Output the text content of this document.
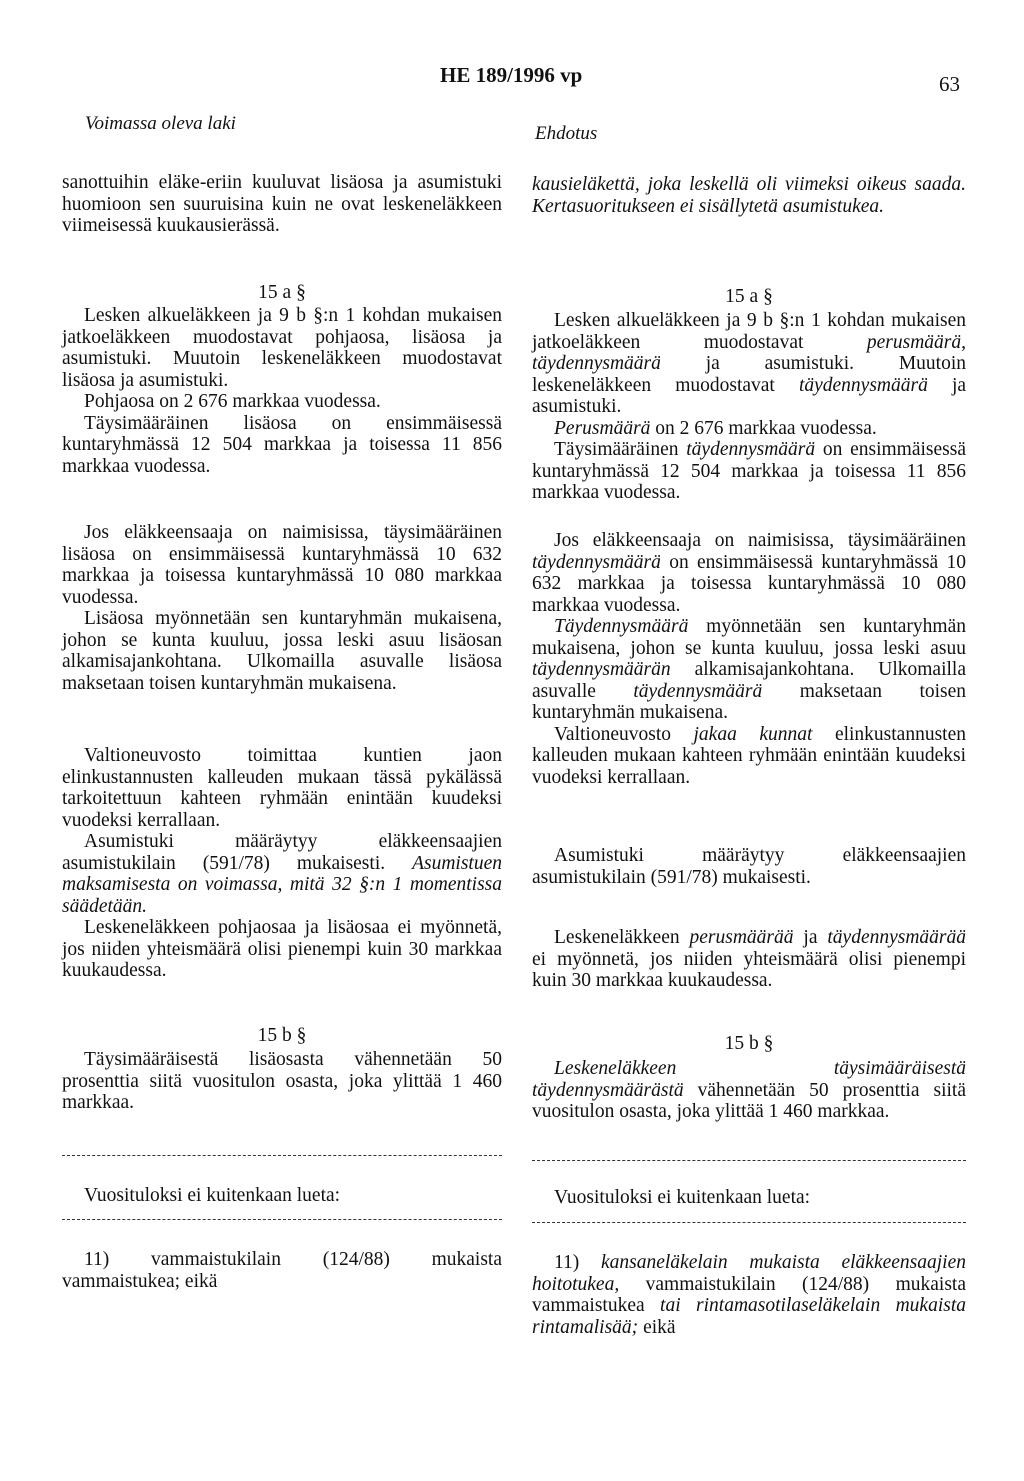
HE 189/1996 vp	63
Voimassa oleva laki	Ehdotus

sanottuihin eläke-eriin kuuluvat lisäosa ja asumistuki huomioon sen suuruisina kuin ne ovat leskeneläkkeen viimeisessä kuukausierässä.

15 a §

Lesken alkueläkkeen ja 9 b §:n 1 kohdan mukaisen jatkoeläkkeen muodostavat pohjaosa, lisäosa ja asumistuki. Muutoin leskeneläkkeen muodostavat lisäosa ja asumistuki.

Pohjaosa on 2 676 markkaa vuodessa.

Täysimääräinen lisäosa on ensimmäisessä kuntaryhmässä 12 504 markkaa ja toisessa 11 856 markkaa vuodessa.

Jos eläkkeensaaja on naimisissa, täysimääräinen lisäosa on ensimmäisessä kuntaryhmässä 10 632 markkaa ja toisessa kuntaryhmässä 10 080 markkaa vuodessa.

Lisäosa myönnetään sen kuntaryhmän mukaisena, johon se kunta kuuluu, jossa leski asuu lisäosan alkamisajankohtana. Ulkomailla asuvalle lisäosa maksetaan toisen kuntaryhmän mukaisena.

Valtioneuvosto toimittaa kuntien jaon elinkustannusten kalleuden mukaan tässä pykälässä tarkoitettuun kahteen ryhmään enintään kuudeksi vuodeksi kerrallaan.

Asumistuki määräytyy eläkkeensaajien asumistukilain (591/78) mukaisesti. Asumistuen maksamisesta on voimassa, mitä 32 §:n 1 momentissa säädetään.

Leskeneläkkeen pohjaosaa ja lisäosaa ei myönnetä, jos niiden yhteismäärä olisi pienempi kuin 30 markkaa kuukaudessa.

15 b §

Täysimääräisestä lisäosasta vähennetään 50 prosenttia siitä vuositulon osasta, joka ylittää 1 460 markkaa.

Vuosituloksi ei kuitenkaan lueta:

11) vammaistukilain (124/88) mukaista vammaistukea; eikä

kausieläkettä, joka leskellä oli viimeksi oikeus saada. Kertasuoritukseen ei sisällytetä asumistukea.

15 a §

Lesken alkueläkkeen ja 9 b §:n 1 kohdan mukaisen jatkoeläkkeen muodostavat	perusmäärä, täydennysmäärä ja asumistuki. Muutoin leskeneläkkeen muodostavat täydennysmäärä ja asumistuki.

Perusmäärä on 2 676 markkaa vuodessa.

Täysimääräinen täydennysmäärä on ensimmäisessä kuntaryhmässä 12 504 markkaa ja toisessa 11 856 markkaa vuodessa.

Jos eläkkeensaaja on naimisissa, täysimääräinen täydennysmäärä on ensimmäisessä kuntaryhmässä 10 632 markkaa ja toisessa kuntaryhmässä 10 080 markkaa vuodessa.

Täydennysmäärä myönnetään sen kuntaryhmän mukaisena, johon se kunta kuuluu, jossa leski asuu täydennysmäärän alkamisajankohtana. Ulkomailla asuvalle täydennysmäärä maksetaan toisen kuntaryhmän mukaisena.

Valtioneuvosto jakaa kunnat elinkustannusten kalleuden mukaan kahteen ryhmään enintään kuudeksi vuodeksi kerrallaan.

Asumistuki määräytyy eläkkeensaajien asumistukilain (591/78) mukaisesti.

Leskeneläkkeen perusmäärää ja täydennysmäärää ei myönnetä, jos niiden yhteismäärä olisi pienempi kuin 30 markkaa kuukaudessa.

15 b §

Leskeneläkkeen täysimääräisestä täydennysmäärästä vähennetään 50 prosenttia siitä vuositulon osasta, joka ylittää 1 460 markkaa.

Vuosituloksi ei kuitenkaan lueta:

11) kansaneläkelain mukaista eläkkeensaajien hoitotukea, vammaistukilain (124/88) mukaista vammaistukea tai rintamasotilaseläkelain mukaista rintamalisää; eikä
